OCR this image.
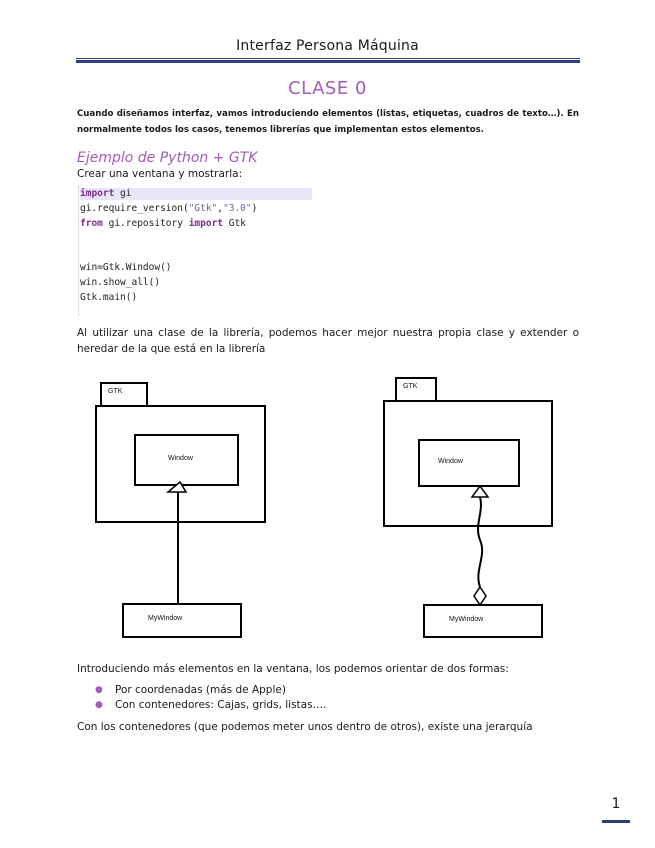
Interfaz Persona Máquina
CLASE 0
Cuando diseñamos interfaz, vamos introduciendo elementos (listas, etiquetas, cuadros de texto…). En normalmente todos los casos, tenemos librerías que implementan estos elementos.
Ejemplo de Python + GTK
Crear una ventana y mostrarla:
import gi
gi.require_version("Gtk","3.0")
from gi.repository import Gtk
win=Gtk.Window()
win.show_all()
Gtk.main()
Al utilizar una clase de la librería, podemos hacer mejor nuestra propia clase y extender o heredar de la que está en la librería
GTK
Window
MyWindow
GTK
Window
MyWindow
Introduciendo más elementos en la ventana, los podemos orientar de dos formas:
● Por coordenadas (más de Apple)
● Con contenedores: Cajas, grids, listas….
Con los contenedores (que podemos meter unos dentro de otros), existe una jerarquía
1
